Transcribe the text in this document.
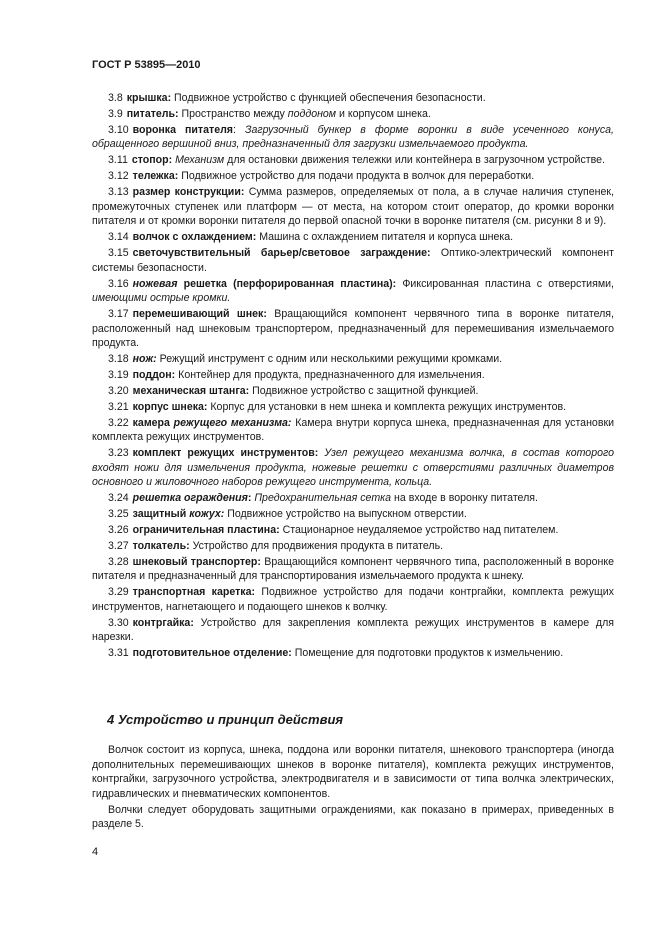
ГОСТ Р 53895—2010

3.8 крышка: Подвижное устройство с функцией обеспечения безопасности.

3.9 питатель: Пространство между поддоном и корпусом шнека.

3.10 воронка питателя: Загрузочный бункер в форме воронки в виде усеченного конуса, обращенного вершиной вниз, предназначенный для загрузки измельчаемого продукта.

3.11 стопор: Механизм для остановки движения тележки или контейнера в загрузочном устройстве.

3.12 тележка: Подвижное устройство для подачи продукта в волчок для переработки.

3.13 размер конструкции: Сумма размеров, определяемых от пола, а в случае наличия ступенек, промежуточных ступенек или платформ — от места, на котором стоит оператор, до кромки воронки питателя и от кромки воронки питателя до первой опасной точки в воронке питателя (см. рисунки 8 и 9).

3.14 волчок с охлаждением: Машина с охлаждением питателя и корпуса шнека.

3.15 светочувствительный барьер/световое заграждение: Оптико-электрический компонент системы безопасности.

3.16 ножевая решетка (перфорированная пластина): Фиксированная пластина с отверстиями, имеющими острые кромки.

3.17 перемешивающий шнек: Вращающийся компонент червячного типа в воронке питателя, расположенный над шнековым транспортером, предназначенный для перемешивания измельчаемого продукта.

3.18 нож: Режущий инструмент с одним или несколькими режущими кромками.

3.19 поддон: Контейнер для продукта, предназначенного для измельчения.

3.20 механическая штанга: Подвижное устройство с защитной функцией.

3.21 корпус шнека: Корпус для установки в нем шнека и комплекта режущих инструментов.

3.22 камера режущего механизма: Камера внутри корпуса шнека, предназначенная для установки комплекта режущих инструментов.

3.23 комплект режущих инструментов: Узел режущего механизма волчка, в состав которого входят ножи для измельчения продукта, ножевые решетки с отверстиями различных диаметров основного и жиловочного наборов режущего инструмента, кольца.

3.24 решетка ограждения: Предохранительная сетка на входе в воронку питателя.

3.25 защитный кожух: Подвижное устройство на выпускном отверстии.

3.26 ограничительная пластина: Стационарное неудаляемое устройство над питателем.

3.27 толкатель: Устройство для продвижения продукта в питатель.

3.28 шнековый транспортер: Вращающийся компонент червячного типа, расположенный в воронке питателя и предназначенный для транспортирования измельчаемого продукта к шнеку.

3.29 транспортная каретка: Подвижное устройство для подачи контргайки, комплекта режущих инструментов, нагнетающего и подающего шнеков к волчку.

3.30 контргайка: Устройство для закрепления комплекта режущих инструментов в камере для нарезки.

3.31 подготовительное отделение: Помещение для подготовки продуктов к измельчению.

4 Устройство и принцип действия

Волчок состоит из корпуса, шнека, поддона или воронки питателя, шнекового транспортера (иногда дополнительных перемешивающих шнеков в воронке питателя), комплекта режущих инструментов, контргайки, загрузочного устройства, электродвигателя и в зависимости от типа волчка электрических, гидравлических и пневматических компонентов.

Волчки следует оборудовать защитными ограждениями, как показано в примерах, приведенных в разделе 5.

4
